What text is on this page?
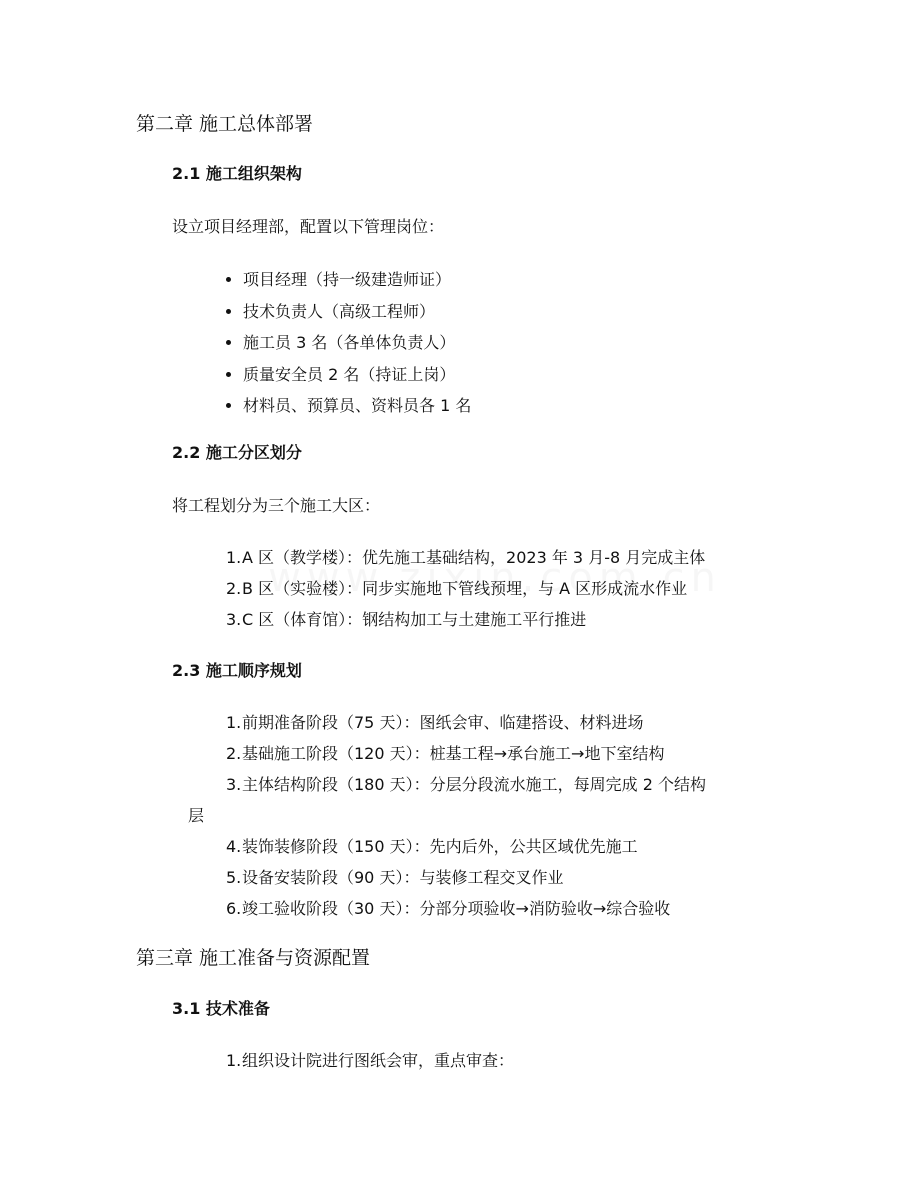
第二章 施工总体部署
2.1 施工组织架构

设立项目经理部，配置以下管理岗位：

项目经理（持一级建造师证）
技术负责人（高级工程师）
施工员 3 名（各单体负责人）
质量安全员 2 名（持证上岗）
材料员、预算员、资料员各 1 名
2.2 施工分区划分

将工程划分为三个施工大区：

1.A 区（教学楼）：优先施工基础结构，2023 年 3 月-8 月完成主体
2.B 区（实验楼）：同步实施地下管线预埋，与 A 区形成流水作业
3.C 区（体育馆）：钢结构加工与土建施工平行推进
2.3 施工顺序规划
1.前期准备阶段（75 天）：图纸会审、临建搭设、材料进场
2.基础施工阶段（120 天）：桩基工程→承台施工→地下室结构
3.主体结构阶段（180 天）：分层分段流水施工，每周完成 2 个结构
层
4.装饰装修阶段（150 天）：先内后外，公共区域优先施工
5.设备安装阶段（90 天）：与装修工程交叉作业
6.竣工验收阶段（30 天）：分部分项验收→消防验收→综合验收
第三章 施工准备与资源配置
3.1 技术准备
1.组织设计院进行图纸会审，重点审查：
